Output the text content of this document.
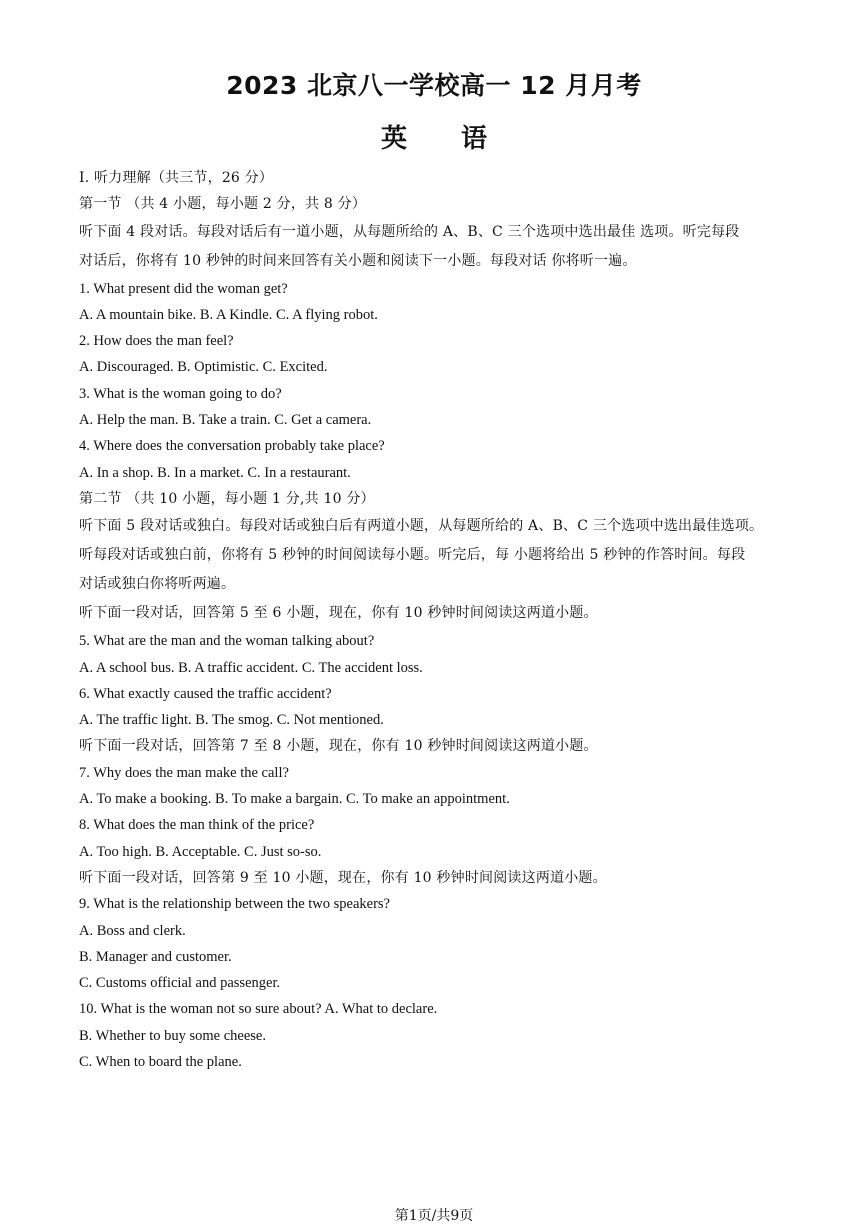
2023 北京八一学校高一 12 月月考
英 语
I. 听力理解（共三节，26 分）
第一节 （共 4 小题，每小题 2 分，共 8 分）
听下面 4 段对话。每段对话后有一道小题，从每题所给的 A、B、C 三个选项中选出最佳 选项。听完每段
对话后，你将有 10 秒钟的时间来回答有关小题和阅读下一小题。每段对话 你将听一遍。
1. What present did the woman get?
A. A mountain bike. B. A Kindle. C. A flying robot.
2. How does the man feel?
A. Discouraged. B. Optimistic. C. Excited.
3. What is the woman going to do?
A. Help the man. B. Take a train. C. Get a camera.
4. Where does the conversation probably take place?
A. In a shop. B. In a market. C. In a restaurant.
第二节 （共 10 小题，每小题 1 分,共 10 分）
听下面 5 段对话或独白。每段对话或独白后有两道小题，从每题所给的 A、B、C 三个选项中选出最佳选项。
听每段对话或独白前，你将有 5 秒钟的时间阅读每小题。听完后，每 小题将给出 5 秒钟的作答时间。每段
对话或独白你将听两遍。
听下面一段对话，回答第 5 至 6 小题，现在，你有 10 秒钟时间阅读这两道小题。
5. What are the man and the woman talking about?
A. A school bus. B. A traffic accident. C. The accident loss.
6. What exactly caused the traffic accident?
A. The traffic light. B. The smog. C. Not mentioned.
听下面一段对话，回答第 7 至 8 小题，现在，你有 10 秒钟时间阅读这两道小题。
7. Why does the man make the call?
A. To make a booking. B. To make a bargain. C. To make an appointment.
8. What does the man think of the price?
A. Too high. B. Acceptable. C. Just so-so.
听下面一段对话，回答第 9 至 10 小题，现在，你有 10 秒钟时间阅读这两道小题。
9. What is the relationship between the two speakers?
A. Boss and clerk.
B. Manager and customer.
C. Customs official and passenger.
10. What is the woman not so sure about? A. What to declare.
B. Whether to buy some cheese.
C. When to board the plane.
第1页/共9页
